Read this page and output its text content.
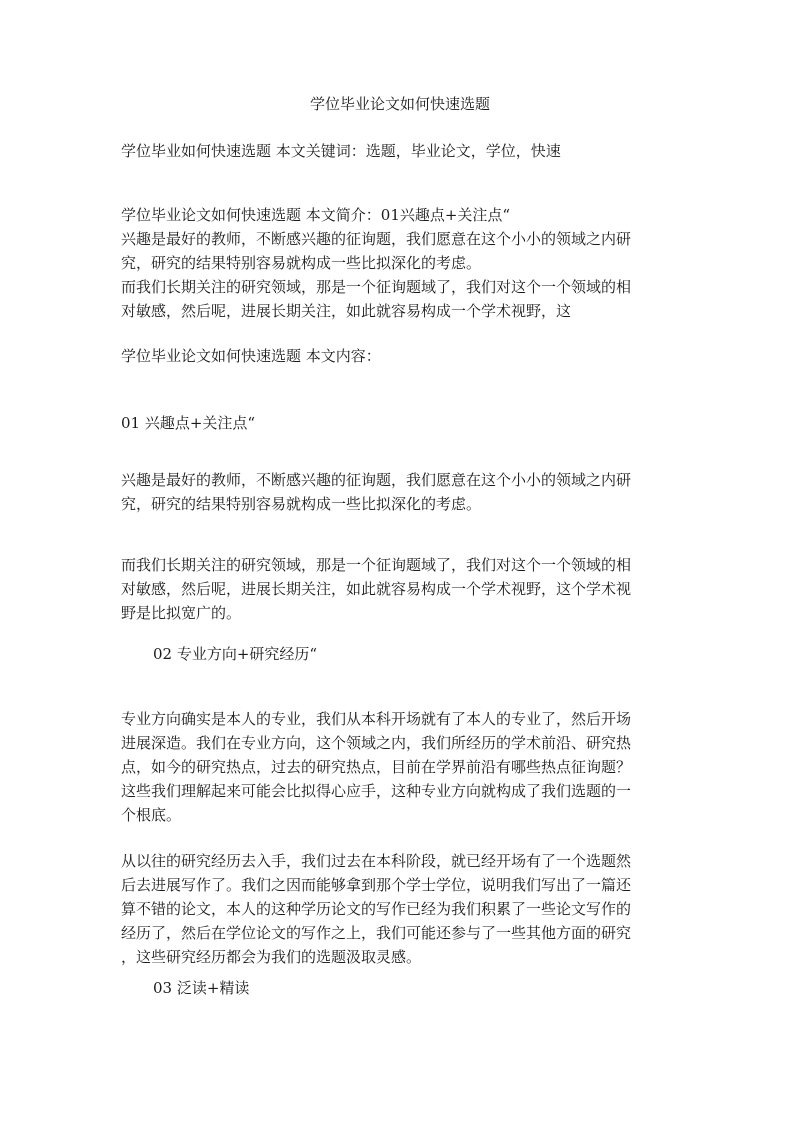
学位毕业论文如何快速选题
学位毕业如何快速选题 本文关键词：选题，毕业论文，学位，快速
学位毕业论文如何快速选题 本文简介：01兴趣点+关注点“
兴趣是最好的教师，不断感兴趣的征询题，我们愿意在这个小小的领域之内研
究，研究的结果特别容易就构成一些比拟深化的考虑。
而我们长期关注的研究领域，那是一个征询题域了，我们对这个一个领域的相
对敏感，然后呢，进展长期关注，如此就容易构成一个学术视野，这
学位毕业论文如何快速选题 本文内容：
01 兴趣点+关注点“
兴趣是最好的教师，不断感兴趣的征询题，我们愿意在这个小小的领域之内研
究，研究的结果特别容易就构成一些比拟深化的考虑。
而我们长期关注的研究领域，那是一个征询题域了，我们对这个一个领域的相
对敏感，然后呢，进展长期关注，如此就容易构成一个学术视野，这个学术视
野是比拟宽广的。
02 专业方向+研究经历“
专业方向确实是本人的专业，我们从本科开场就有了本人的专业了，然后开场
进展深造。我们在专业方向，这个领域之内，我们所经历的学术前沿、研究热
点，如今的研究热点，过去的研究热点，目前在学界前沿有哪些热点征询题？
这些我们理解起来可能会比拟得心应手，这种专业方向就构成了我们选题的一
个根底。
从以往的研究经历去入手，我们过去在本科阶段，就已经开场有了一个选题然
后去进展写作了。我们之因而能够拿到那个学士学位，说明我们写出了一篇还
算不错的论文，本人的这种学历论文的写作已经为我们积累了一些论文写作的
经历了，然后在学位论文的写作之上，我们可能还参与了一些其他方面的研究
，这些研究经历都会为我们的选题汲取灵感。
03 泛读+精读
